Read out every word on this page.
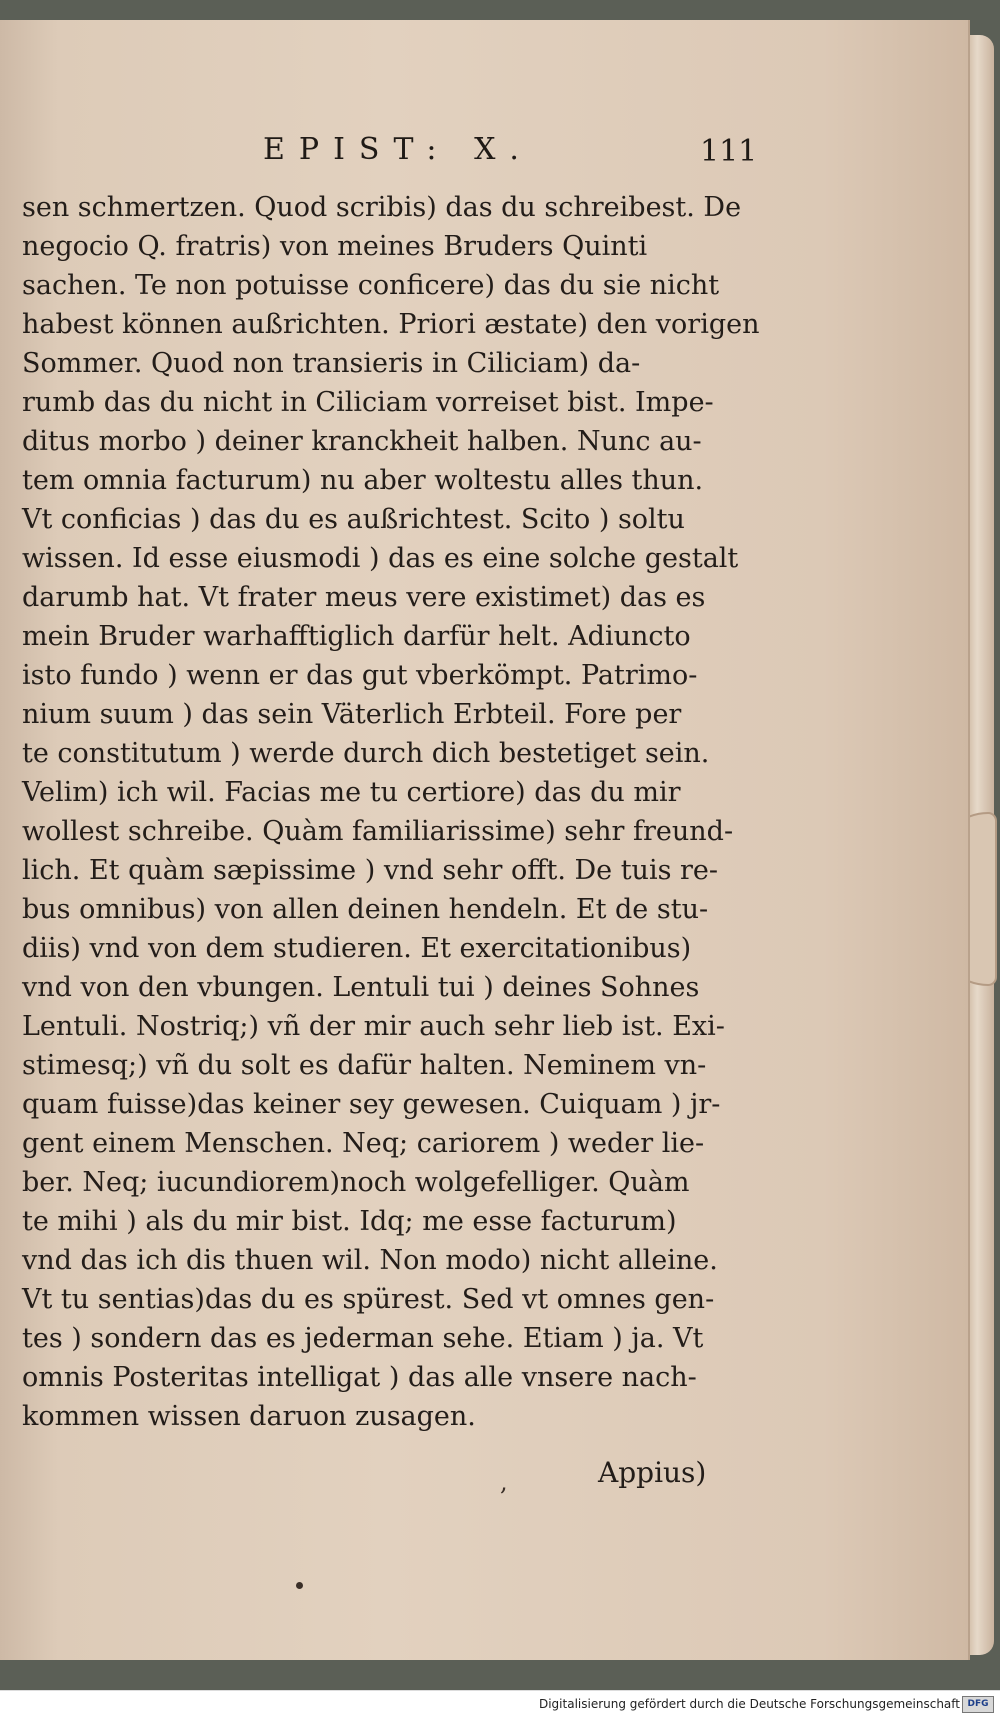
EPIST: X.	111
sen schmertzen. Quod scribis) das du schreibest. De
negocio Q. fratris) von meines Bruders Quinti
sachen. Te non potuisse conficere) das du sie nicht
habest können außrichten. Priori æstate) den vorigen
Sommer. Quod non transieris in Ciliciam) da-
rumb das du nicht in Ciliciam vorreiset bist. Impe-
ditus morbo ) deiner kranckheit halben. Nunc au-
tem omnia facturum) nu aber woltestu alles thun.
Vt conficias ) das du es außrichtest. Scito ) soltu
wissen. Id esse eiusmodi ) das es eine solche gestalt
darumb hat. Vt frater meus vere existimet) das es
mein Bruder warhafftiglich darfür helt. Adiuncto
isto fundo ) wenn er das gut vberkömpt. Patrimo-
nium suum ) das sein Väterlich Erbteil. Fore per
te constitutum ) werde durch dich bestetiget sein.
Velim) ich wil. Facias me tu certiore) das du mir
wollest schreibe. Quàm familiarissime) sehr freund-
lich. Et quàm sæpissime ) vnd sehr offt. De tuis re-
bus omnibus) von allen deinen hendeln. Et de stu-
diis) vnd von dem studieren. Et exercitationibus)
vnd von den vbungen. Lentuli tui ) deines Sohnes
Lentuli. Nostriq;) vñ der mir auch sehr lieb ist. Exi-
stimesq;) vñ du solt es dafür halten. Neminem vn-
quam fuisse)das keiner sey gewesen. Cuiquam ) jr-
gent einem Menschen. Neq; cariorem ) weder lie-
ber. Neq; iucundiorem)noch wolgefelliger. Quàm
te mihi ) als du mir bist. Idq; me esse facturum)
vnd das ich dis thuen wil. Non modo) nicht alleine.
Vt tu sentias)das du es spürest. Sed vt omnes gen-
tes ) sondern das es jederman sehe. Etiam ) ja. Vt
omnis Posteritas intelligat ) das alle vnsere nach-
kommen wissen daruon zusagen.
Appius)
,
Digitalisierung gefördert durch die Deutsche Forschungsgemeinschaft DFG
